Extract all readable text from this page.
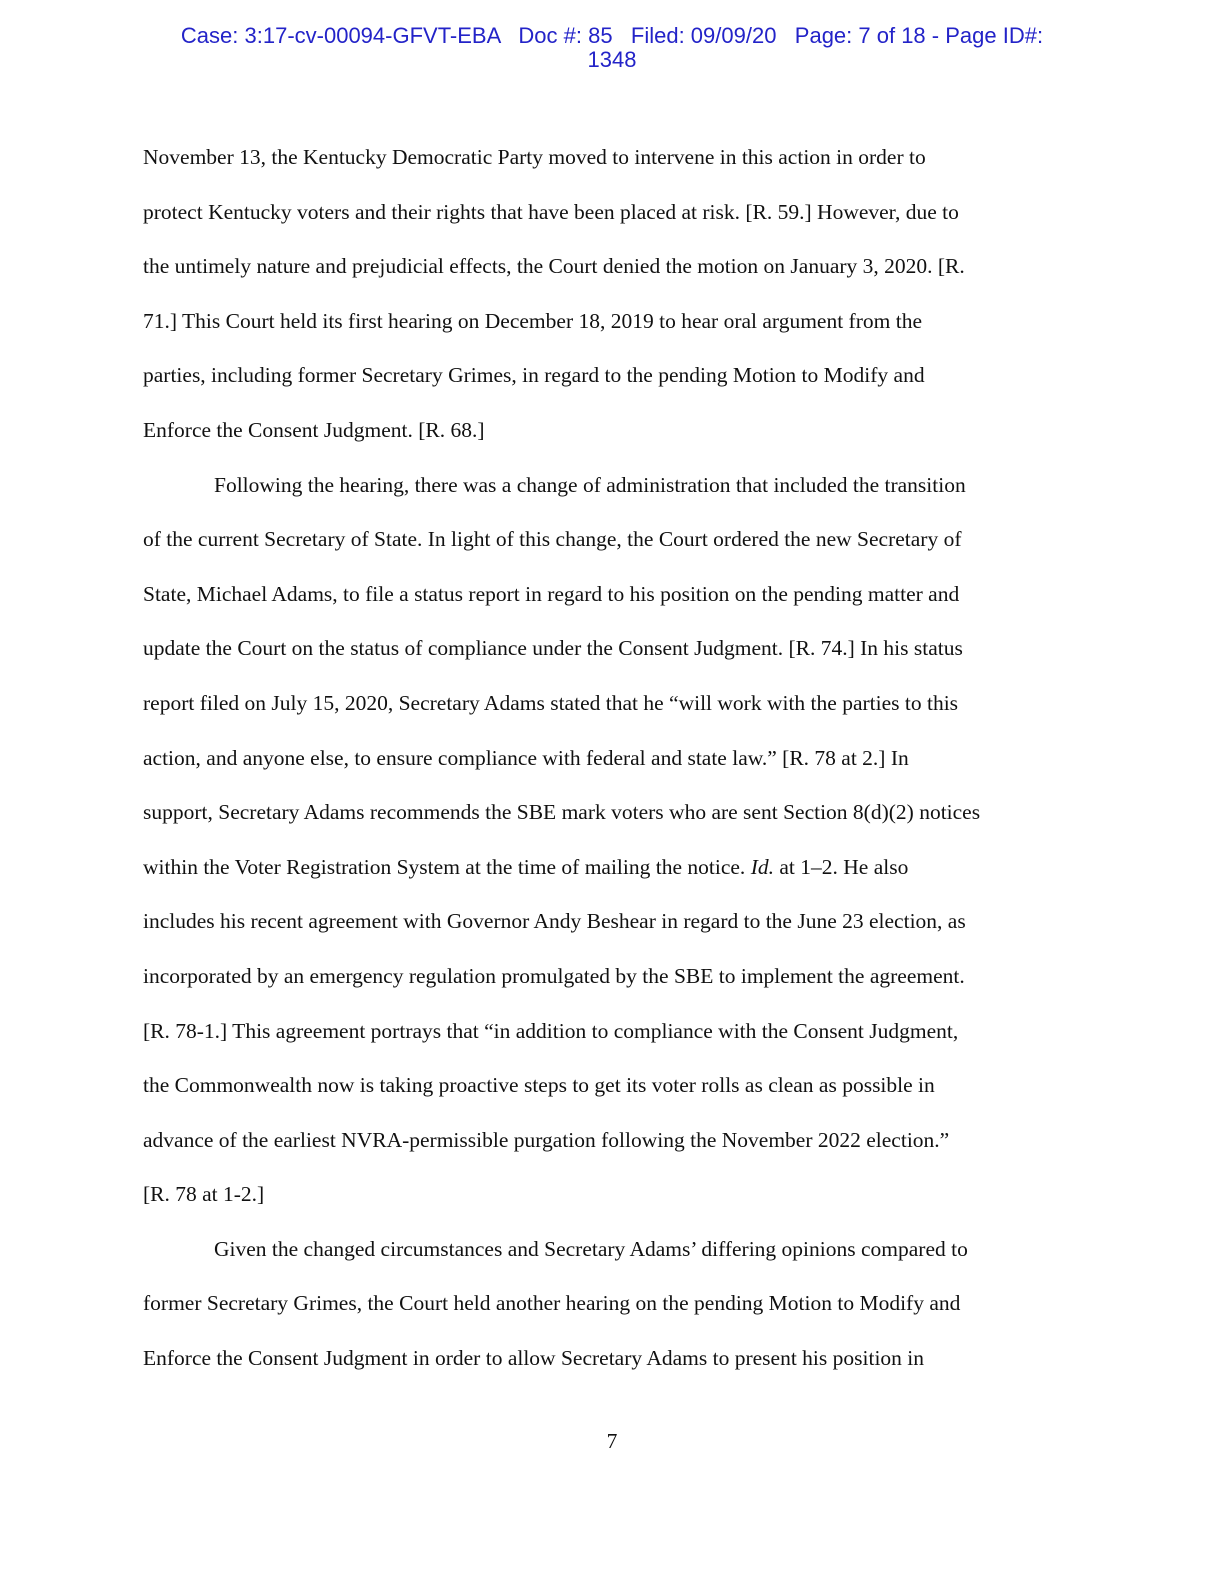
Case: 3:17-cv-00094-GFVT-EBA   Doc #: 85   Filed: 09/09/20   Page: 7 of 18 - Page ID#:
1348
November 13, the Kentucky Democratic Party moved to intervene in this action in order to
protect Kentucky voters and their rights that have been placed at risk. [R. 59.] However, due to
the untimely nature and prejudicial effects, the Court denied the motion on January 3, 2020. [R.
71.] This Court held its first hearing on December 18, 2019 to hear oral argument from the
parties, including former Secretary Grimes, in regard to the pending Motion to Modify and
Enforce the Consent Judgment. [R. 68.]
Following the hearing, there was a change of administration that included the transition
of the current Secretary of State. In light of this change, the Court ordered the new Secretary of
State, Michael Adams, to file a status report in regard to his position on the pending matter and
update the Court on the status of compliance under the Consent Judgment. [R. 74.] In his status
report filed on July 15, 2020, Secretary Adams stated that he “will work with the parties to this
action, and anyone else, to ensure compliance with federal and state law.” [R. 78 at 2.] In
support, Secretary Adams recommends the SBE mark voters who are sent Section 8(d)(2) notices
within the Voter Registration System at the time of mailing the notice. Id. at 1–2. He also
includes his recent agreement with Governor Andy Beshear in regard to the June 23 election, as
incorporated by an emergency regulation promulgated by the SBE to implement the agreement.
[R. 78-1.] This agreement portrays that “in addition to compliance with the Consent Judgment,
the Commonwealth now is taking proactive steps to get its voter rolls as clean as possible in
advance of the earliest NVRA-permissible purgation following the November 2022 election.”
[R. 78 at 1-2.]
Given the changed circumstances and Secretary Adams’ differing opinions compared to
former Secretary Grimes, the Court held another hearing on the pending Motion to Modify and
Enforce the Consent Judgment in order to allow Secretary Adams to present his position in
7
